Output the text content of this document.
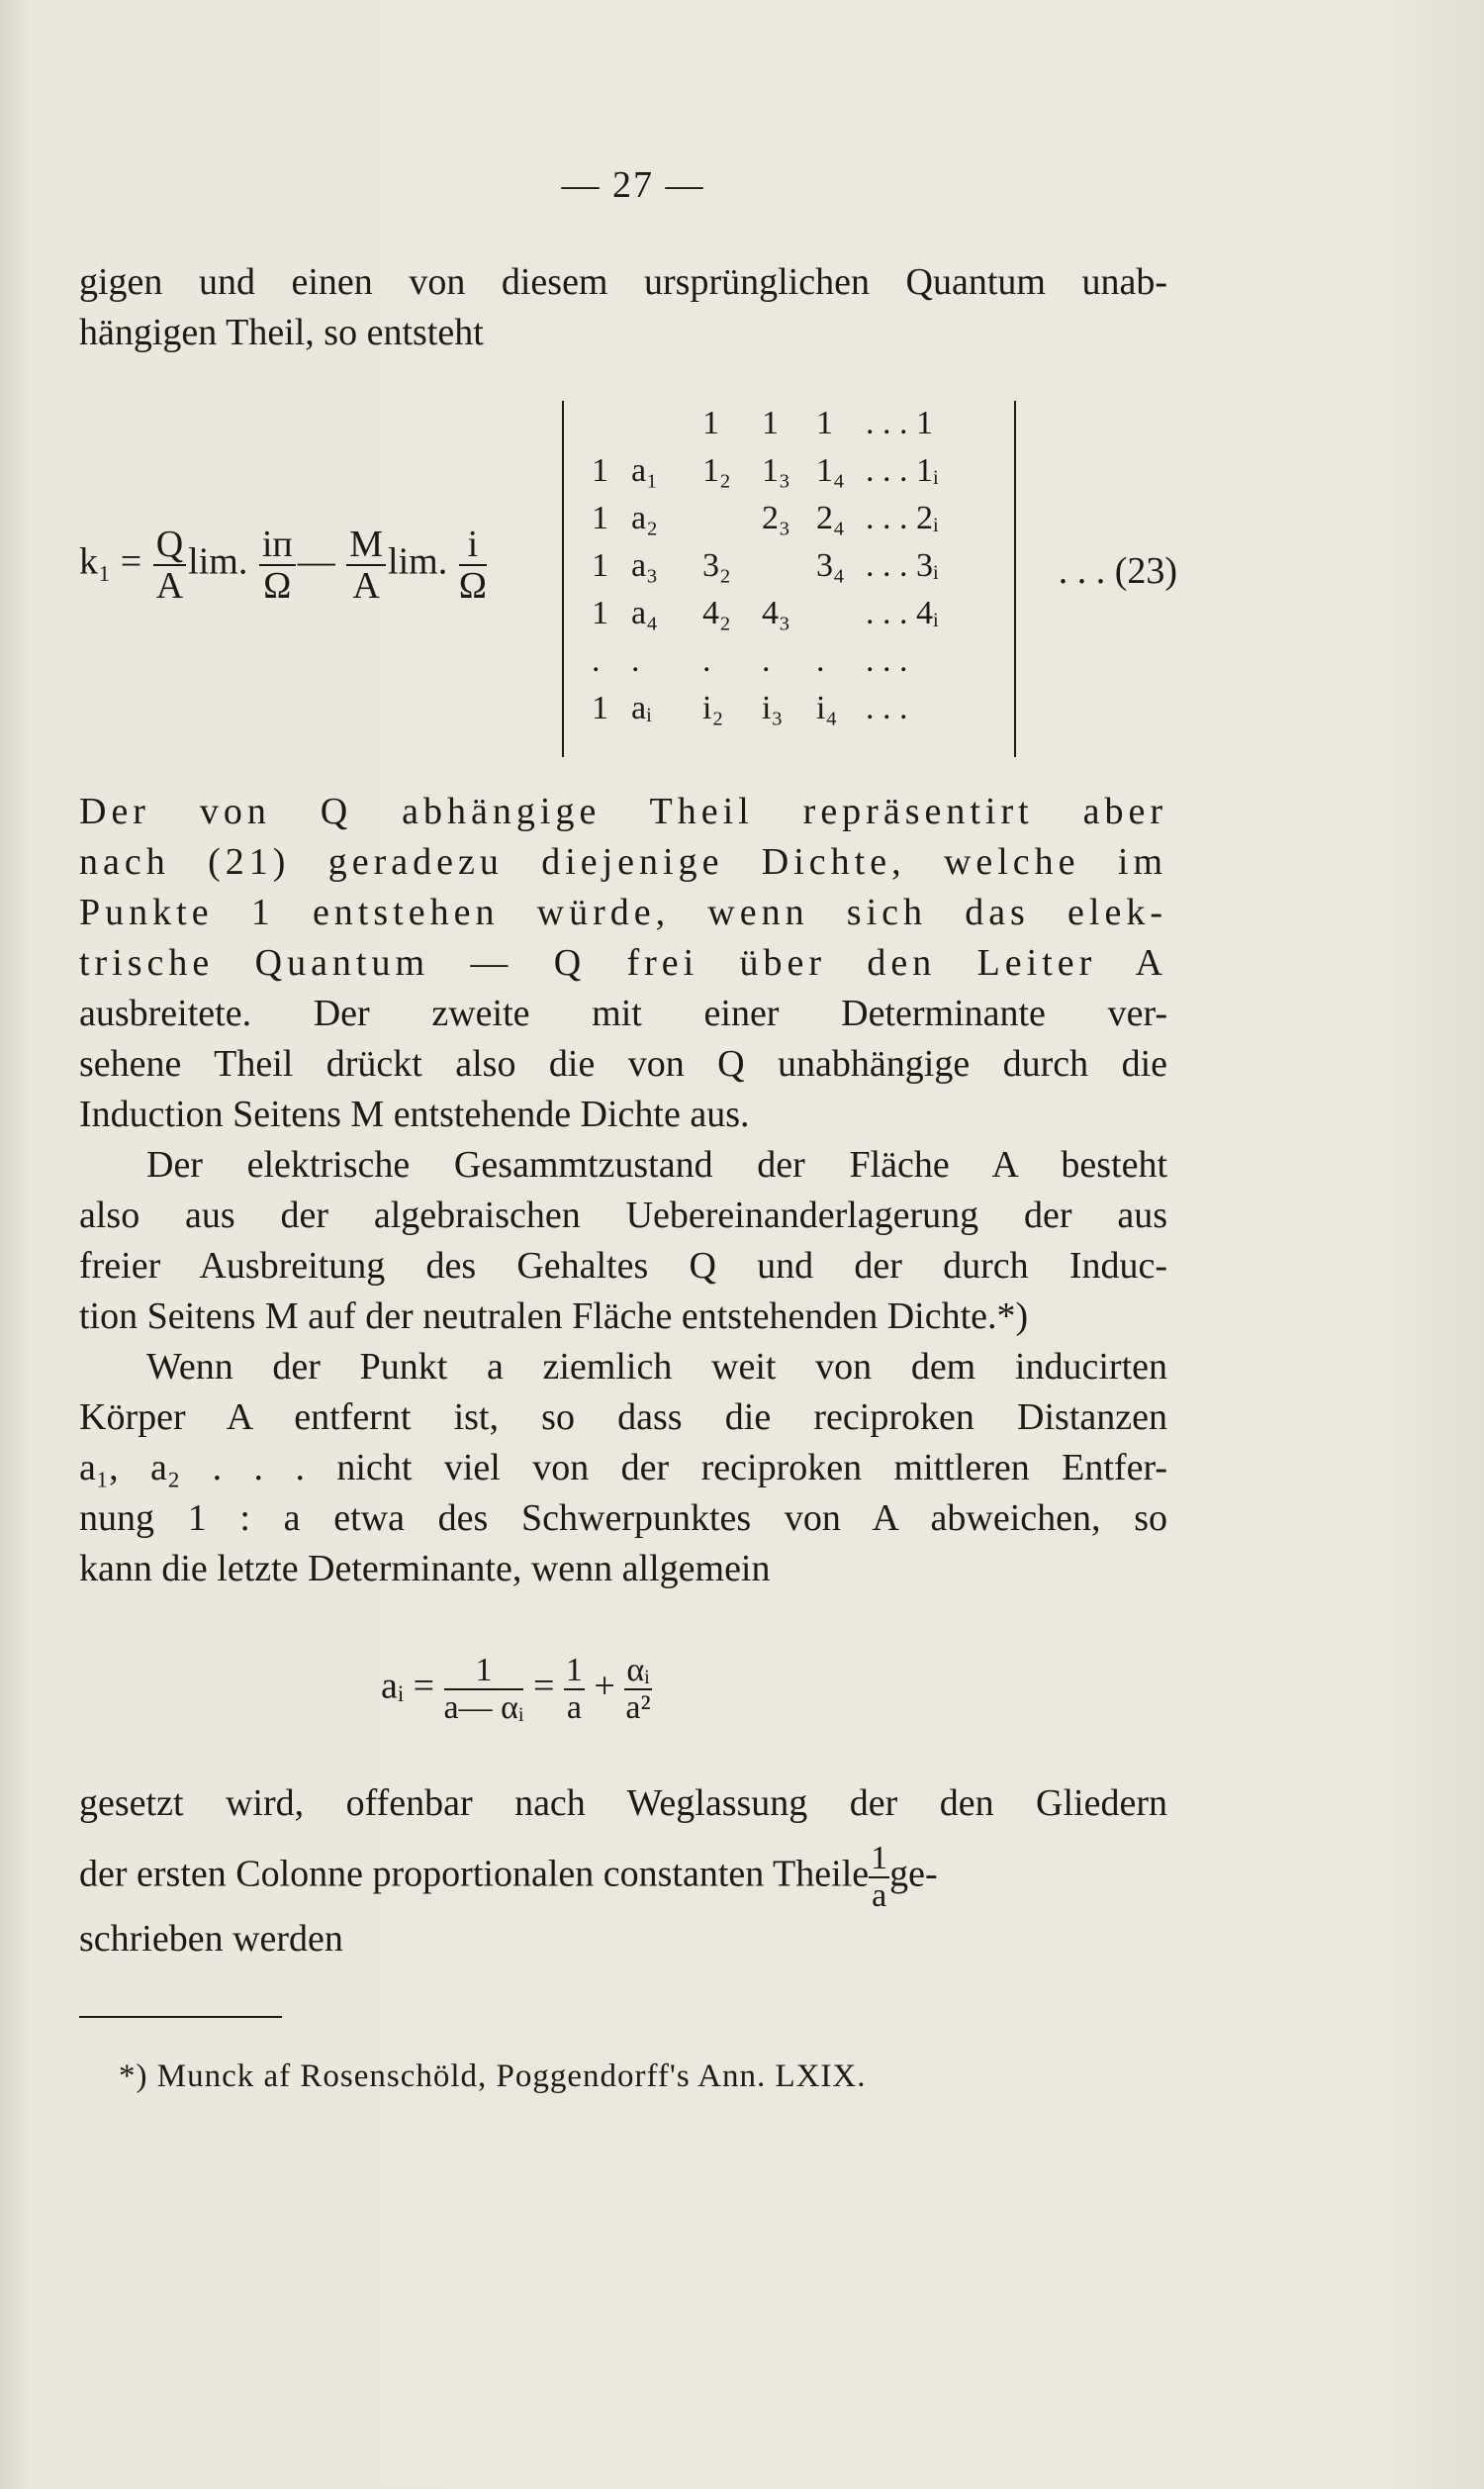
— 27 —
gigen und einen von diesem ursprünglichen Quantum unab-
hängigen Theil, so entsteht
$k_1 = \frac{Q}{A} \lim$. $\frac{iп}{\Omega}$ — $\frac{M}{A} \lim$. $\frac{i}{\Omega}$
1 1 1 . . . 1
1 a₁ 1₂ 1₃ 1₄ . . . 1ᵢ
1 a₂	2₃ 2₄ . . . 2ᵢ
1 a₃ 3₂	3₄ . . . 3ᵢ
1 a₄ 4₂ 4₃ . . . 4ᵢ
. . . . . . . .
1 aᵢ i₂ i₃ i₄ . . .
. . . (23)
Der von Q abhängige Theil repräsentirt aber
nach (21) geradezu diejenige Dichte, welche im
Punkte 1 entstehen würde, wenn sich das elek-
trische Quantum — Q frei über den Leiter A
ausbreitete. Der zweite mit einer Determinante ver-
sehene Theil drückt also die von Q unabhängige durch die
Induction Seitens M entstehende Dichte aus.
Der elektrische Gesammtzustand der Fläche A besteht
also aus der algebraischen Uebereinanderlagerung der aus
freier Ausbreitung des Gehaltes Q und der durch Induc-
tion Seitens M auf der neutralen Fläche entstehenden Dichte.*)
Wenn der Punkt a ziemlich weit von dem inducirten
Körper A entfernt ist, so dass die reciproken Distanzen
a₁, a₂ . . . nicht viel von der reciproken mittleren Entfer-
nung 1 : a etwa des Schwerpunktes von A abweichen, so
kann die letzte Determinante, wenn allgemein
aᵢ = $\frac{1}{\text{a— αᵢ}} = \frac{1}{a} + \frac{\text{αᵢ}}{\text{a²}}$
gesetzt wird, offenbar nach Weglassung der den Gliedern
der ersten Colonne proportionalen constanten Theile $\frac{1}{a} ge-$
schrieben werden
*) Munck af Rosenschöld, Poggendorff's Ann. LXIX.
